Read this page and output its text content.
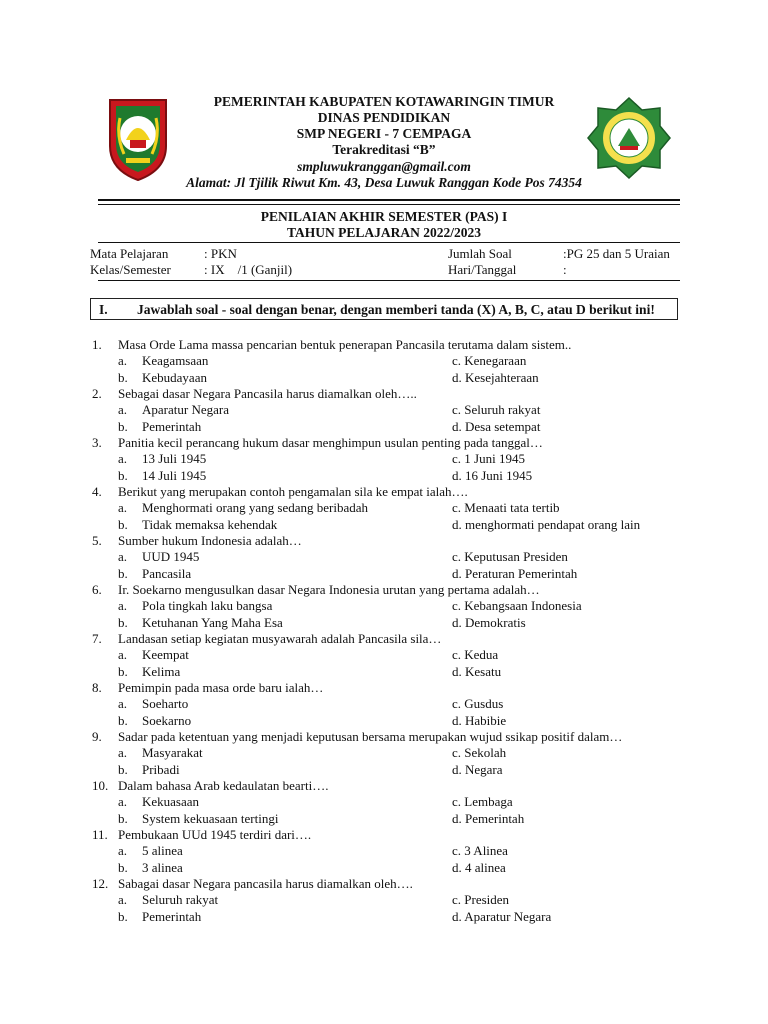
PEMERINTAH KABUPATEN KOTAWARINGIN TIMUR
DINAS PENDIDIKAN
SMP NEGERI - 7 CEMPAGA
Terakreditasi “B”
smpluwukranggan@gmail.com
Alamat: Jl Tjilik Riwut Km. 43, Desa Luwuk Ranggan Kode Pos 74354
PENILAIAN AKHIR SEMESTER (PAS) I
TAHUN PELAJARAN 2022/2023
Mata Pelajaran	: PKN	Jumlah Soal	:PG 25 dan 5 Uraian
Kelas/Semester	: IX    /1 (Ganjil)	Hari/Tanggal	:
I. Jawablah soal - soal dengan benar, dengan memberi tanda (X) A, B, C, atau D berikut ini!
1. Masa Orde Lama massa pencarian bentuk penerapan Pancasila terutama dalam sistem..
a. Keagamsaan	c. Kenegaraan
b. Kebudayaan	d. Kesejahteraan
2. Sebagai dasar Negara Pancasila harus diamalkan oleh…..
a. Aparatur Negara	c. Seluruh rakyat
b. Pemerintah	d. Desa setempat
3. Panitia kecil perancang hukum dasar menghimpun usulan penting pada tanggal…
a. 13 Juli 1945	c. 1 Juni 1945
b. 14 Juli 1945	d. 16 Juni 1945
4. Berikut yang merupakan contoh pengamalan sila ke empat ialah….
a. Menghormati orang yang sedang beribadah	c. Menaati tata tertib
b. Tidak memaksa kehendak	d. menghormati pendapat orang lain
5. Sumber hukum Indonesia adalah…
a. UUD 1945	c. Keputusan Presiden
b. Pancasila	d. Peraturan Pemerintah
6. Ir. Soekarno mengusulkan dasar Negara Indonesia urutan yang pertama adalah…
a. Pola tingkah laku bangsa	c. Kebangsaan Indonesia
b. Ketuhanan Yang Maha Esa	d. Demokratis
7. Landasan setiap kegiatan musyawarah adalah Pancasila sila…
a. Keempat	c. Kedua
b. Kelima	d. Kesatu
8. Pemimpin pada masa orde baru ialah…
a. Soeharto	c. Gusdus
b. Soekarno	d. Habibie
9. Sadar pada ketentuan yang menjadi keputusan bersama merupakan wujud ssikap positif dalam…
a. Masyarakat	c. Sekolah
b. Pribadi	d. Negara
10. Dalam bahasa Arab kedaulatan bearti….
a. Kekuasaan	c. Lembaga
b. System kekuasaan tertingi	d. Pemerintah
11. Pembukaan UUd 1945 terdiri dari….
a. 5 alinea	c. 3 Alinea
b. 3 alinea	d. 4 alinea
12. Sabagai dasar Negara pancasila harus diamalkan oleh….
a. Seluruh rakyat	c. Presiden
b. Pemerintah	d. Aparatur Negara
